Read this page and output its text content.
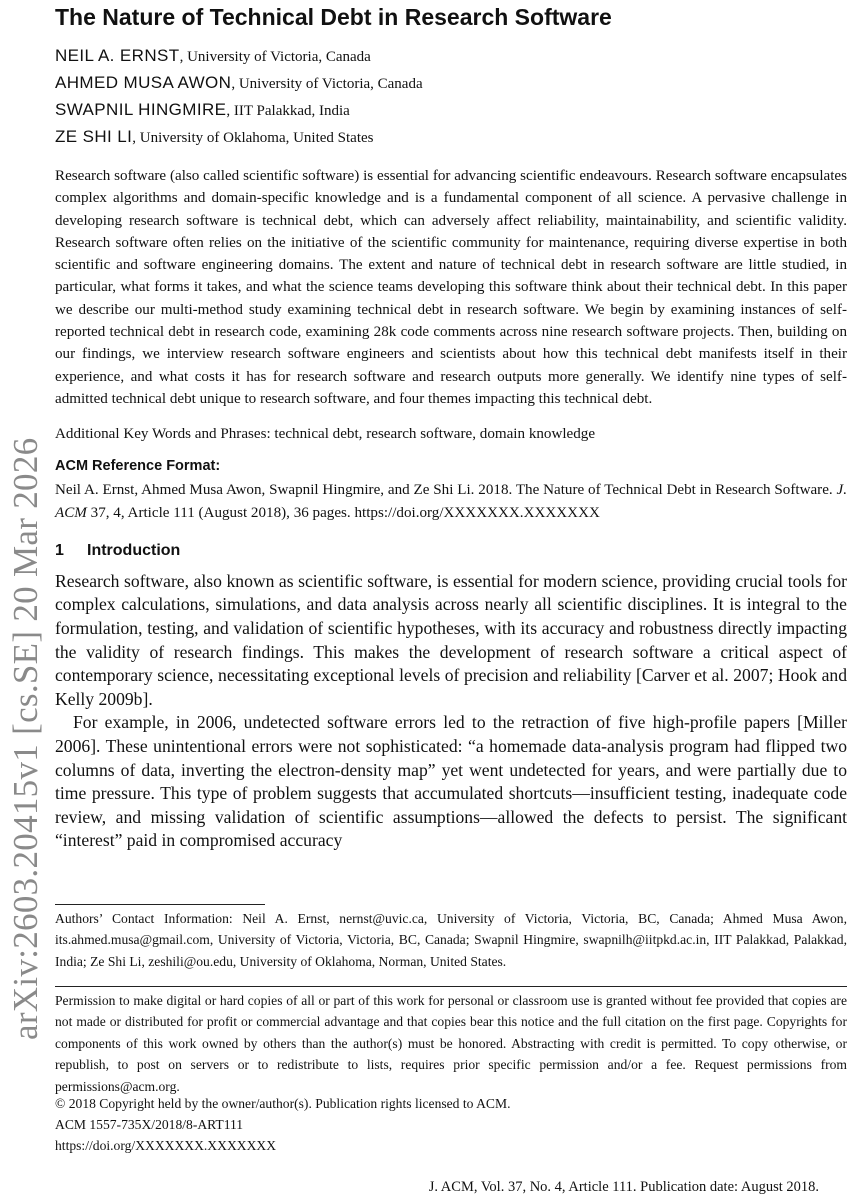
arXiv:2603.20415v1 [cs.SE] 20 Mar 2026
The Nature of Technical Debt in Research Software
NEIL A. ERNST, University of Victoria, Canada
AHMED MUSA AWON, University of Victoria, Canada
SWAPNIL HINGMIRE, IIT Palakkad, India
ZE SHI LI, University of Oklahoma, United States

Research software (also called scientific software) is essential for advancing scientific endeavours. Research software encapsulates complex algorithms and domain-specific knowledge and is a fundamental component of all science. A pervasive challenge in developing research software is technical debt, which can adversely affect reliability, maintainability, and scientific validity. Research software often relies on the initiative of the scientific community for maintenance, requiring diverse expertise in both scientific and software engineering domains. The extent and nature of technical debt in research software are little studied, in particular, what forms it takes, and what the science teams developing this software think about their technical debt. In this paper we describe our multi-method study examining technical debt in research software. We begin by examining instances of self-reported technical debt in research code, examining 28k code comments across nine research software projects. Then, building on our findings, we interview research software engineers and scientists about how this technical debt manifests itself in their experience, and what costs it has for research software and research outputs more generally. We identify nine types of self-admitted technical debt unique to research software, and four themes impacting this technical debt.

Additional Key Words and Phrases: technical debt, research software, domain knowledge

ACM Reference Format:

Neil A. Ernst, Ahmed Musa Awon, Swapnil Hingmire, and Ze Shi Li. 2018. The Nature of Technical Debt in Research Software. J. ACM 37, 4, Article 111 (August 2018), 36 pages. https://doi.org/XXXXXXX.XXXXXXX

1 Introduction

Research software, also known as scientific software, is essential for modern science, providing crucial tools for complex calculations, simulations, and data analysis across nearly all scientific disciplines. It is integral to the formulation, testing, and validation of scientific hypotheses, with its accuracy and robustness directly impacting the validity of research findings. This makes the development of research software a critical aspect of contemporary science, necessitating exceptional levels of precision and reliability [Carver et al. 2007; Hook and Kelly 2009b].

For example, in 2006, undetected software errors led to the retraction of five high-profile papers [Miller 2006]. These unintentional errors were not sophisticated: “a homemade data-analysis program had flipped two columns of data, inverting the electron-density map” yet went undetected for years, and were partially due to time pressure. This type of problem suggests that accumulated shortcuts—insufficient testing, inadequate code review, and missing validation of scientific assumptions—allowed the defects to persist. The significant “interest” paid in compromised accuracy

Authors’ Contact Information: Neil A. Ernst, nernst@uvic.ca, University of Victoria, Victoria, BC, Canada; Ahmed Musa Awon, its.ahmed.musa@gmail.com, University of Victoria, Victoria, BC, Canada; Swapnil Hingmire, swapnilh@iitpkd.ac.in, IIT Palakkad, Palakkad, India; Ze Shi Li, zeshili@ou.edu, University of Oklahoma, Norman, United States.

Permission to make digital or hard copies of all or part of this work for personal or classroom use is granted without fee provided that copies are not made or distributed for profit or commercial advantage and that copies bear this notice and the full citation on the first page. Copyrights for components of this work owned by others than the author(s) must be honored. Abstracting with credit is permitted. To copy otherwise, or republish, to post on servers or to redistribute to lists, requires prior specific permission and/or a fee. Request permissions from permissions@acm.org.

© 2018 Copyright held by the owner/author(s). Publication rights licensed to ACM.
ACM 1557-735X/2018/8-ART111
https://doi.org/XXXXXXX.XXXXXXX
J. ACM, Vol. 37, No. 4, Article 111. Publication date: August 2018.
